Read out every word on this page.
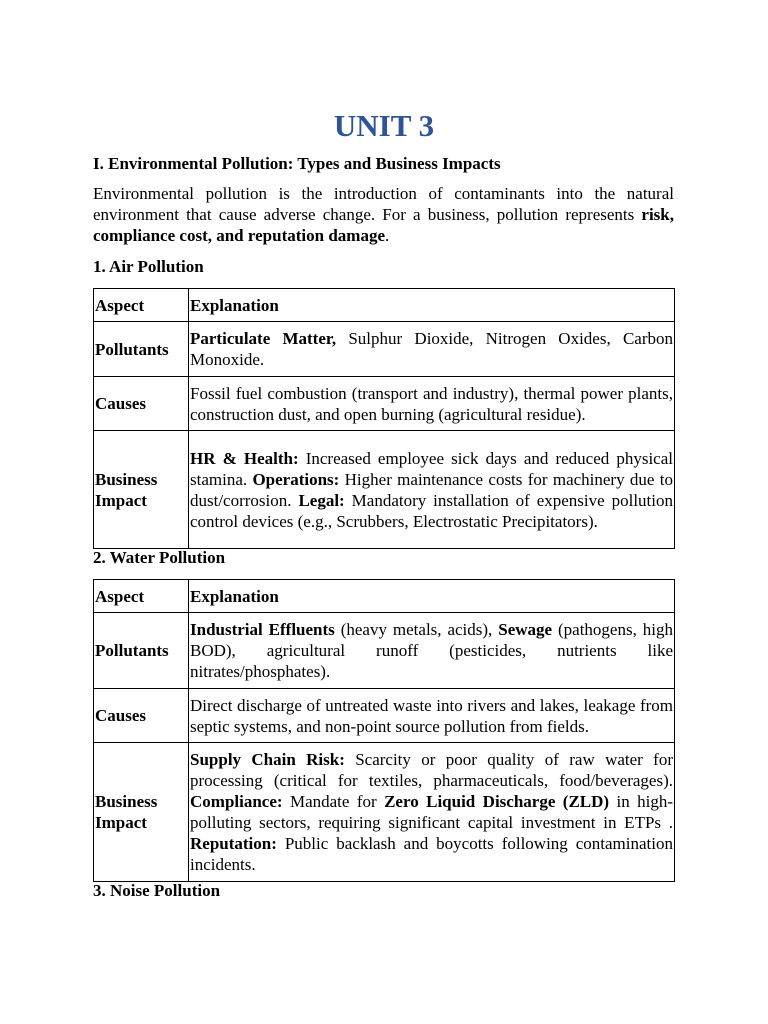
UNIT 3
I. Environmental Pollution: Types and Business Impacts
Environmental pollution is the introduction of contaminants into the natural environment that cause adverse change. For a business, pollution represents risk, compliance cost, and reputation damage.
1. Air Pollution
Aspect	Explanation
Pollutants	Particulate Matter, Sulphur Dioxide, Nitrogen Oxides, Carbon Monoxide.
Causes	Fossil fuel combustion (transport and industry), thermal power plants, construction dust, and open burning (agricultural residue).
Business Impact	HR & Health: Increased employee sick days and reduced physical stamina. Operations: Higher maintenance costs for machinery due to dust/corrosion. Legal: Mandatory installation of expensive pollution control devices (e.g., Scrubbers, Electrostatic Precipitators).
2. Water Pollution
Aspect	Explanation
Pollutants	Industrial Effluents (heavy metals, acids), Sewage (pathogens, high BOD), agricultural runoff (pesticides, nutrients like nitrates/phosphates).
Causes	Direct discharge of untreated waste into rivers and lakes, leakage from septic systems, and non-point source pollution from fields.
Business Impact	Supply Chain Risk: Scarcity or poor quality of raw water for processing (critical for textiles, pharmaceuticals, food/beverages). Compliance: Mandate for Zero Liquid Discharge (ZLD) in high-polluting sectors, requiring significant capital investment in ETPs . Reputation: Public backlash and boycotts following contamination incidents.
3. Noise Pollution
